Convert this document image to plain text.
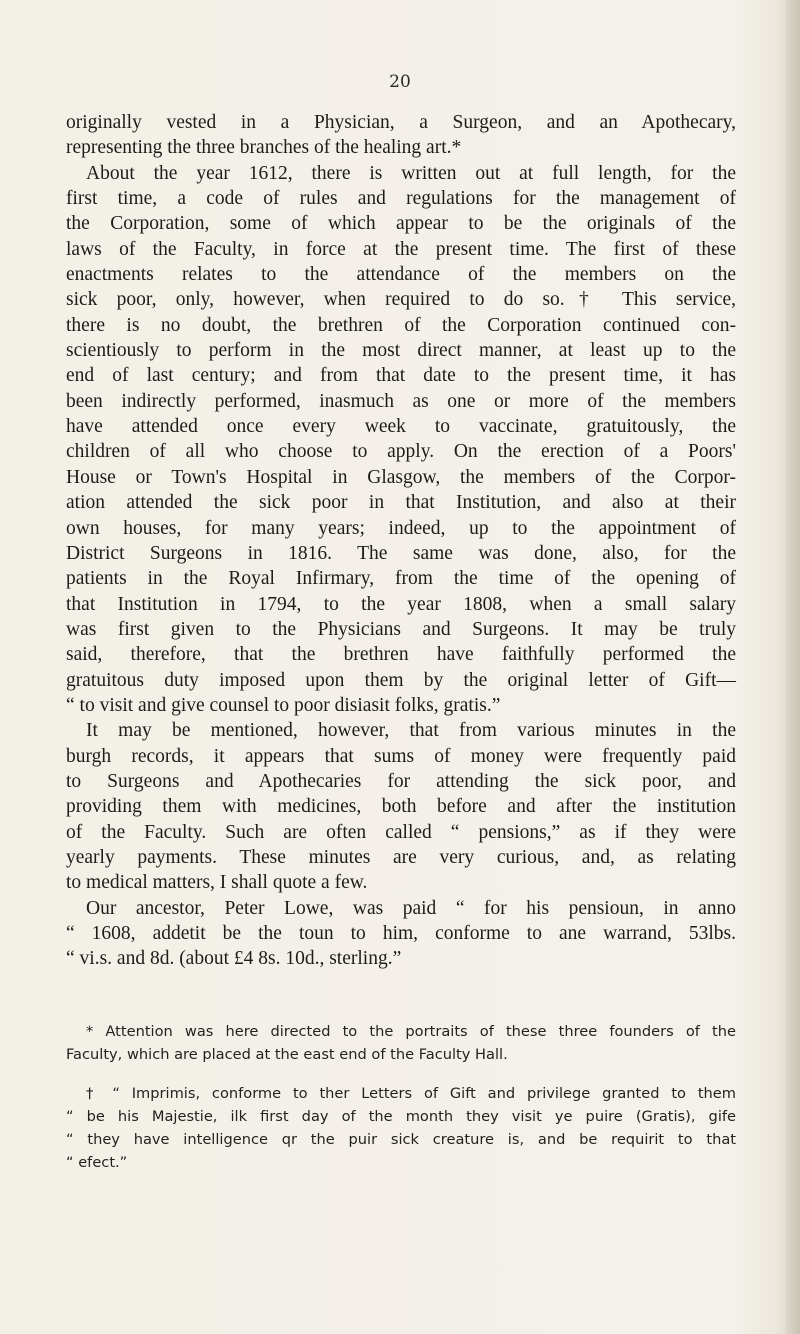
20
originally vested in a Physician, a Surgeon, and an Apothecary,
representing the three branches of the healing art.*
About the year 1612, there is written out at full length, for the
first time, a code of rules and regulations for the management of
the Corporation, some of which appear to be the originals of the
laws of the Faculty, in force at the present time. The first of these
enactments relates to the attendance of the members on the
sick poor, only, however, when required to do so.† This service,
there is no doubt, the brethren of the Corporation continued con-
scientiously to perform in the most direct manner, at least up to the
end of last century; and from that date to the present time, it has
been indirectly performed, inasmuch as one or more of the members
have attended once every week to vaccinate, gratuitously, the
children of all who choose to apply. On the erection of a Poors'
House or Town's Hospital in Glasgow, the members of the Corpor-
ation attended the sick poor in that Institution, and also at their
own houses, for many years; indeed, up to the appointment of
District Surgeons in 1816. The same was done, also, for the
patients in the Royal Infirmary, from the time of the opening of
that Institution in 1794, to the year 1808, when a small salary
was first given to the Physicians and Surgeons. It may be truly
said, therefore, that the brethren have faithfully performed the
gratuitous duty imposed upon them by the original letter of Gift—
“ to visit and give counsel to poor disiasit folks, gratis.”
It may be mentioned, however, that from various minutes in the
burgh records, it appears that sums of money were frequently paid
to Surgeons and Apothecaries for attending the sick poor, and
providing them with medicines, both before and after the institution
of the Faculty. Such are often called “ pensions,” as if they were
yearly payments. These minutes are very curious, and, as relating
to medical matters, I shall quote a few.
Our ancestor, Peter Lowe, was paid “ for his pensioun, in anno
“ 1608, addetit be the toun to him, conforme to ane warrand, 53lbs.
“ vi.s. and 8d. (about £4 8s. 10d., sterling.”
* Attention was here directed to the portraits of these three founders of the
Faculty, which are placed at the east end of the Faculty Hall.
† “ Imprimis, conforme to ther Letters of Gift and privilege granted to them
“ be his Majestie, ilk first day of the month they visit ye puire (Gratis), gife
“ they have intelligence qr the puir sick creature is, and be requirit to that
“ efect.”
